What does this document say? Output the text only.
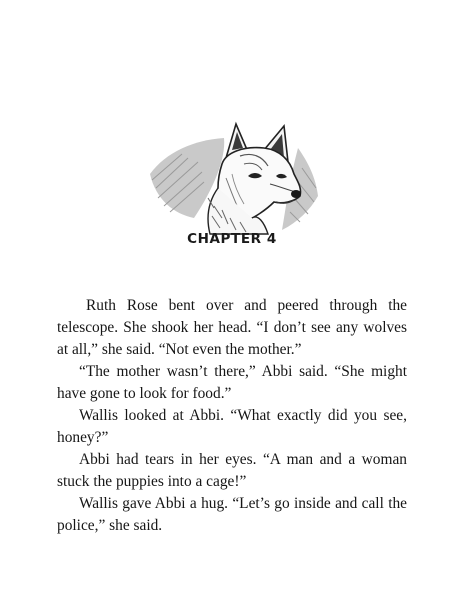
CHAPTER 4

Ruth Rose bent over and peered through the telescope. She shook her head. “I don’t see any wolves at all,” she said. “Not even the mother.”

“The mother wasn’t there,” Abbi said. “She might have gone to look for food.”

Wallis looked at Abbi. “What exactly did you see, honey?”

Abbi had tears in her eyes. “A man and a woman stuck the puppies into a cage!”

Wallis gave Abbi a hug. “Let’s go inside and call the police,” she said.
